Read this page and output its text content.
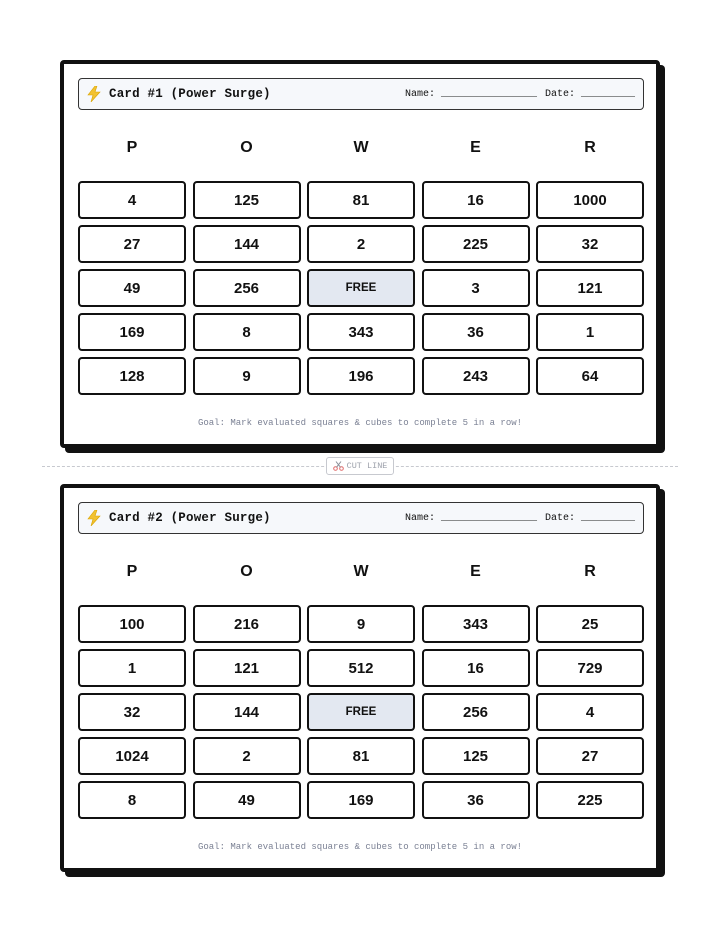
Card #1 (Power Surge)	Name: ________________ Date: _________
P	O	W	E	R
4	125	81	16	1000
27	144	2	225	32
49	256	FREE	3	121
169	8	343	36	1
128	9	196	243	64
Goal: Mark evaluated squares & cubes to complete 5 in a row!
CUT LINE
Card #2 (Power Surge)	Name: ________________ Date: _________
P	O	W	E	R
100	216	9	343	25
1	121	512	16	729
32	144	FREE	256	4
1024	2	81	125	27
8	49	169	36	225
Goal: Mark evaluated squares & cubes to complete 5 in a row!
